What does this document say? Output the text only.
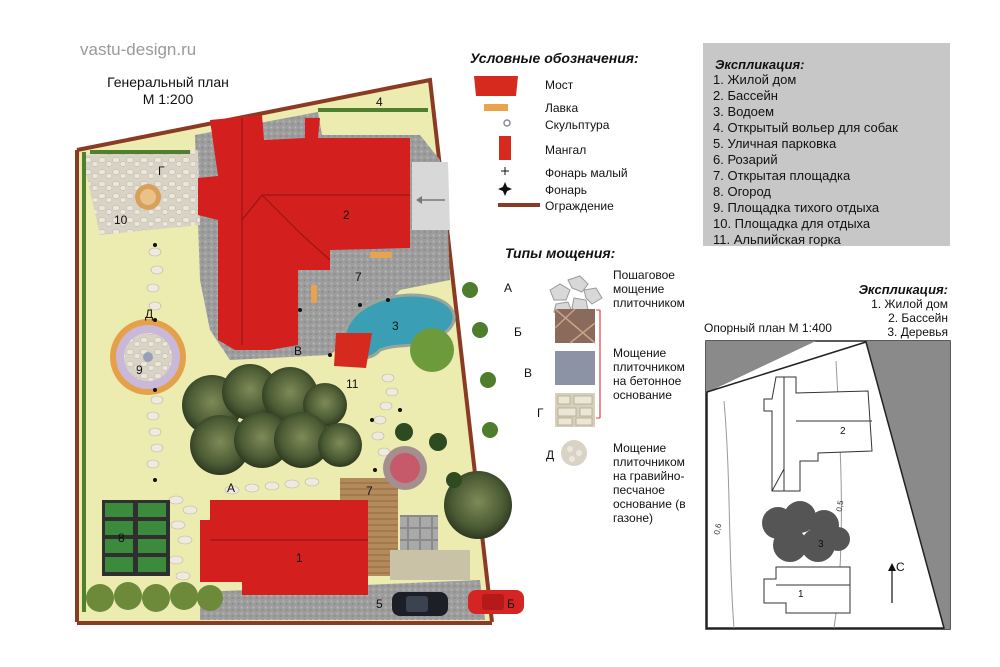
vastu-design.ru
Генеральный план
М 1:200
1
2
3
4
5
7
7
8
9
10
11
А
Б
В
Г
Д
Условные обозначения:
Мост
Лавка
Скульптура
Мангал
Фонарь малый
Фонарь
Ограждение
Типы мощения:
А
Б
В
Г
Д
Пошаговое мощение плиточником
Мощение плиточником на бетонное основание
Мощение плиточником на гравийно-песчаное основание (в газоне)
Экспликация:
1. Жилой дом
2. Бассейн
3. Водоем
4. Открытый вольер для собак
5. Уличная парковка
6. Розарий
7. Открытая площадка
8. Огород
9. Площадка тихого отдыха
10. Площадка для отдыха
11. Альпийская горка
Экспликация:
1. Жилой дом
2. Бассейн
3. Деревья
Опорный план М 1:400
0,6
0,5
2
3
1
С
